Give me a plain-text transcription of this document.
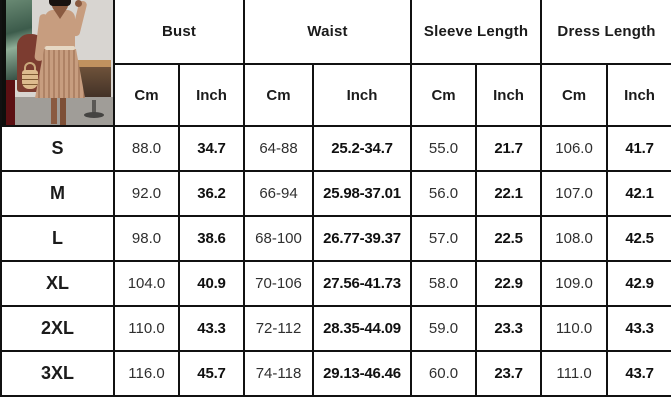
	Bust		Waist		Sleeve Length		Dress Length	
	Cm	Inch	Cm	Inch	Cm	Inch	Cm	Inch
S	88.0	34.7	64-88	25.2-34.7	55.0	21.7	106.0	41.7
M	92.0	36.2	66-94	25.98-37.01	56.0	22.1	107.0	42.1
L	98.0	38.6	68-100	26.77-39.37	57.0	22.5	108.0	42.5
XL	104.0	40.9	70-106	27.56-41.73	58.0	22.9	109.0	42.9
2XL	110.0	43.3	72-112	28.35-44.09	59.0	23.3	110.0	43.3
3XL	116.0	45.7	74-118	29.13-46.46	60.0	23.7	111.0	43.7
